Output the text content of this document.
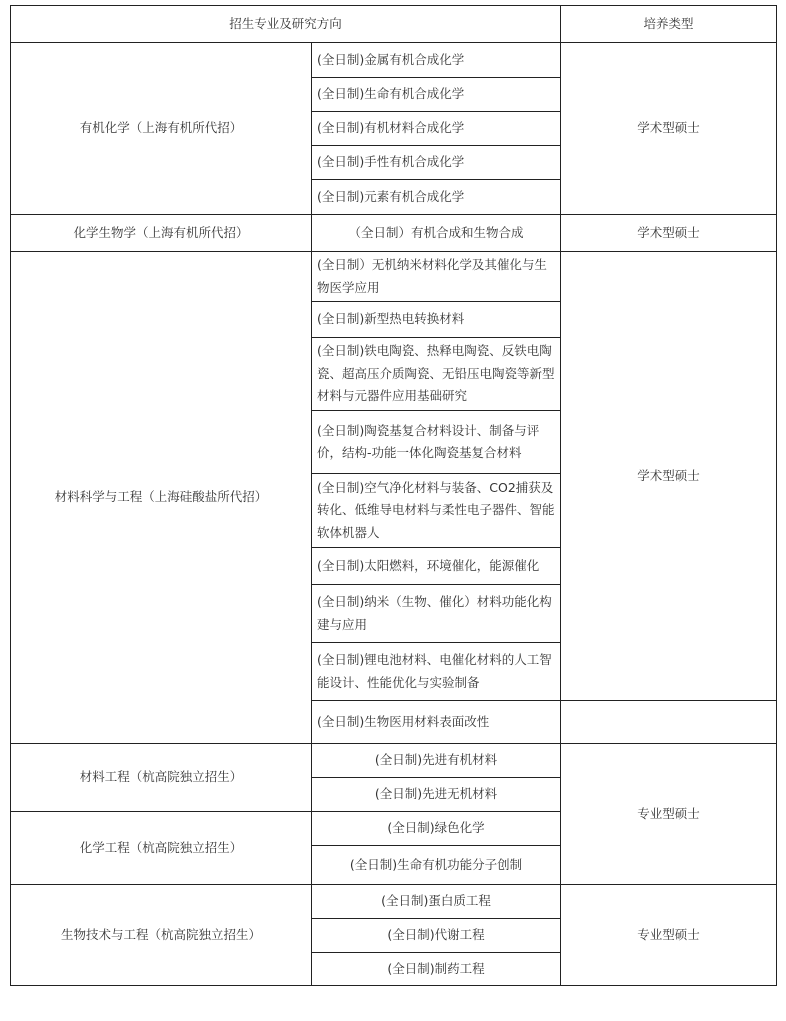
招生专业及研究方向	培养类型
有机化学（上海有机所代招）
化学生物学（上海有机所代招）
材料科学与工程（上海硅酸盐所代招）
材料工程（杭高院独立招生）
化学工程（杭高院独立招生）
生物技术与工程（杭高院独立招生）
(全日制)金属有机合成化学
(全日制)生命有机合成化学
(全日制)有机材料合成化学
(全日制)手性有机合成化学
(全日制)元素有机合成化学
（全日制）有机合成和生物合成
(全日制）无机纳米材料化学及其催化与生物医学应用
(全日制)新型热电转换材料
(全日制)铁电陶瓷、热释电陶瓷、反铁电陶瓷、超高压介质陶瓷、无铅压电陶瓷等新型材料与元器件应用基础研究
(全日制)陶瓷基复合材料设计、制备与评价，结构-功能一体化陶瓷基复合材料
(全日制)空气净化材料与装备、CO2捕获及转化、低维导电材料与柔性电子器件、智能软体机器人
(全日制)太阳燃料，环境催化，能源催化
(全日制)纳米（生物、催化）材料功能化构建与应用
(全日制)锂电池材料、电催化材料的人工智能设计、性能优化与实验制备
(全日制)生物医用材料表面改性
(全日制)先进有机材料
(全日制)先进无机材料
(全日制)绿色化学
(全日制)生命有机功能分子创制
(全日制)蛋白质工程
(全日制)代谢工程
(全日制)制药工程
学术型硕士
学术型硕士
学术型硕士
专业型硕士
专业型硕士
